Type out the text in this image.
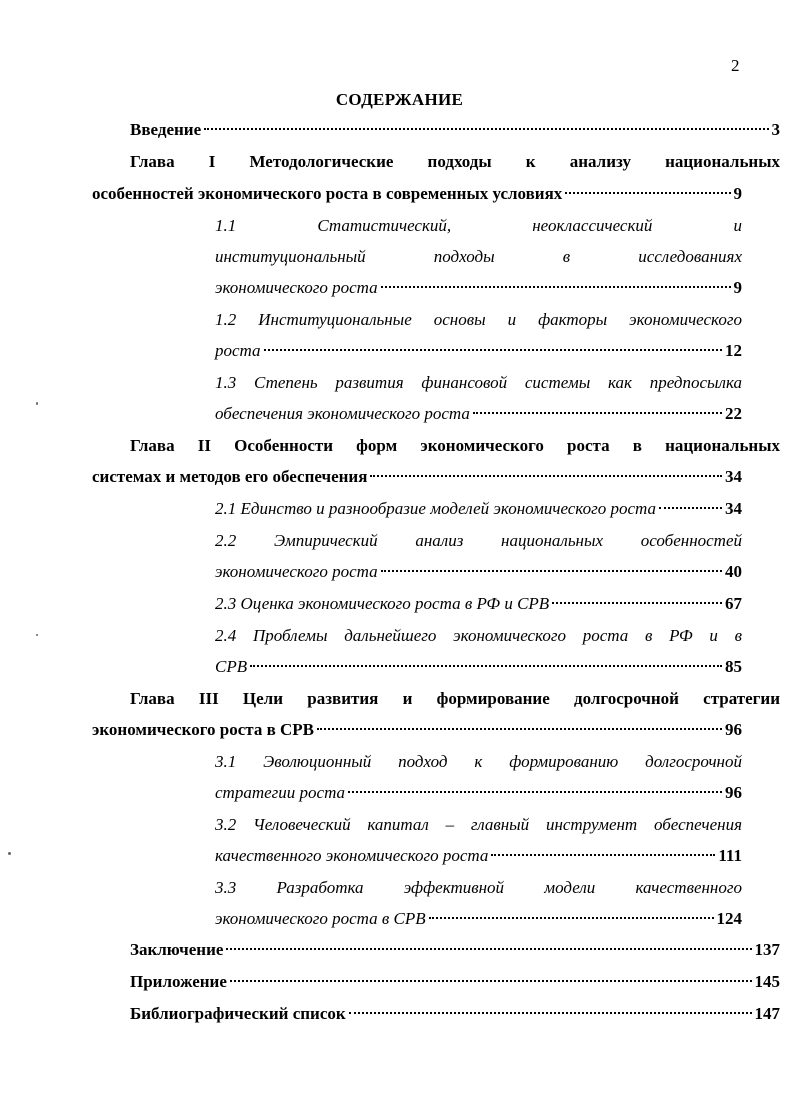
2
СОДЕРЖАНИЕ
Введение	3
Глава I Методологические подходы к анализу национальных
особенностей экономического роста в современных условиях	9
1.1 Статистический, неоклассический и
институциональный подходы в исследованиях
экономического роста	9
1.2 Институциональные основы и факторы экономического
роста	12
1.3 Степень развития финансовой системы как предпосылка
обеспечения экономического роста	22
Глава II Особенности форм экономического роста в национальных
системах и методов его обеспечения	34
2.1 Единство и разнообразие моделей экономического роста	34
2.2 Эмпирический анализ национальных особенностей
экономического роста	40
2.3 Оценка экономического роста в РФ и СРВ	67
2.4 Проблемы дальнейшего экономического роста в РФ и в
СРВ	85
Глава III Цели развития и формирование долгосрочной стратегии
экономического роста в СРВ	96
3.1 Эволюционный подход к формированию долгосрочной
стратегии роста	96
3.2 Человеческий капитал – главный инструмент обеспечения
качественного экономического роста	111
3.3 Разработка эффективной модели качественного
экономического роста в СРВ	124
Заключение	137
Приложение	145
Библиографический список	147
